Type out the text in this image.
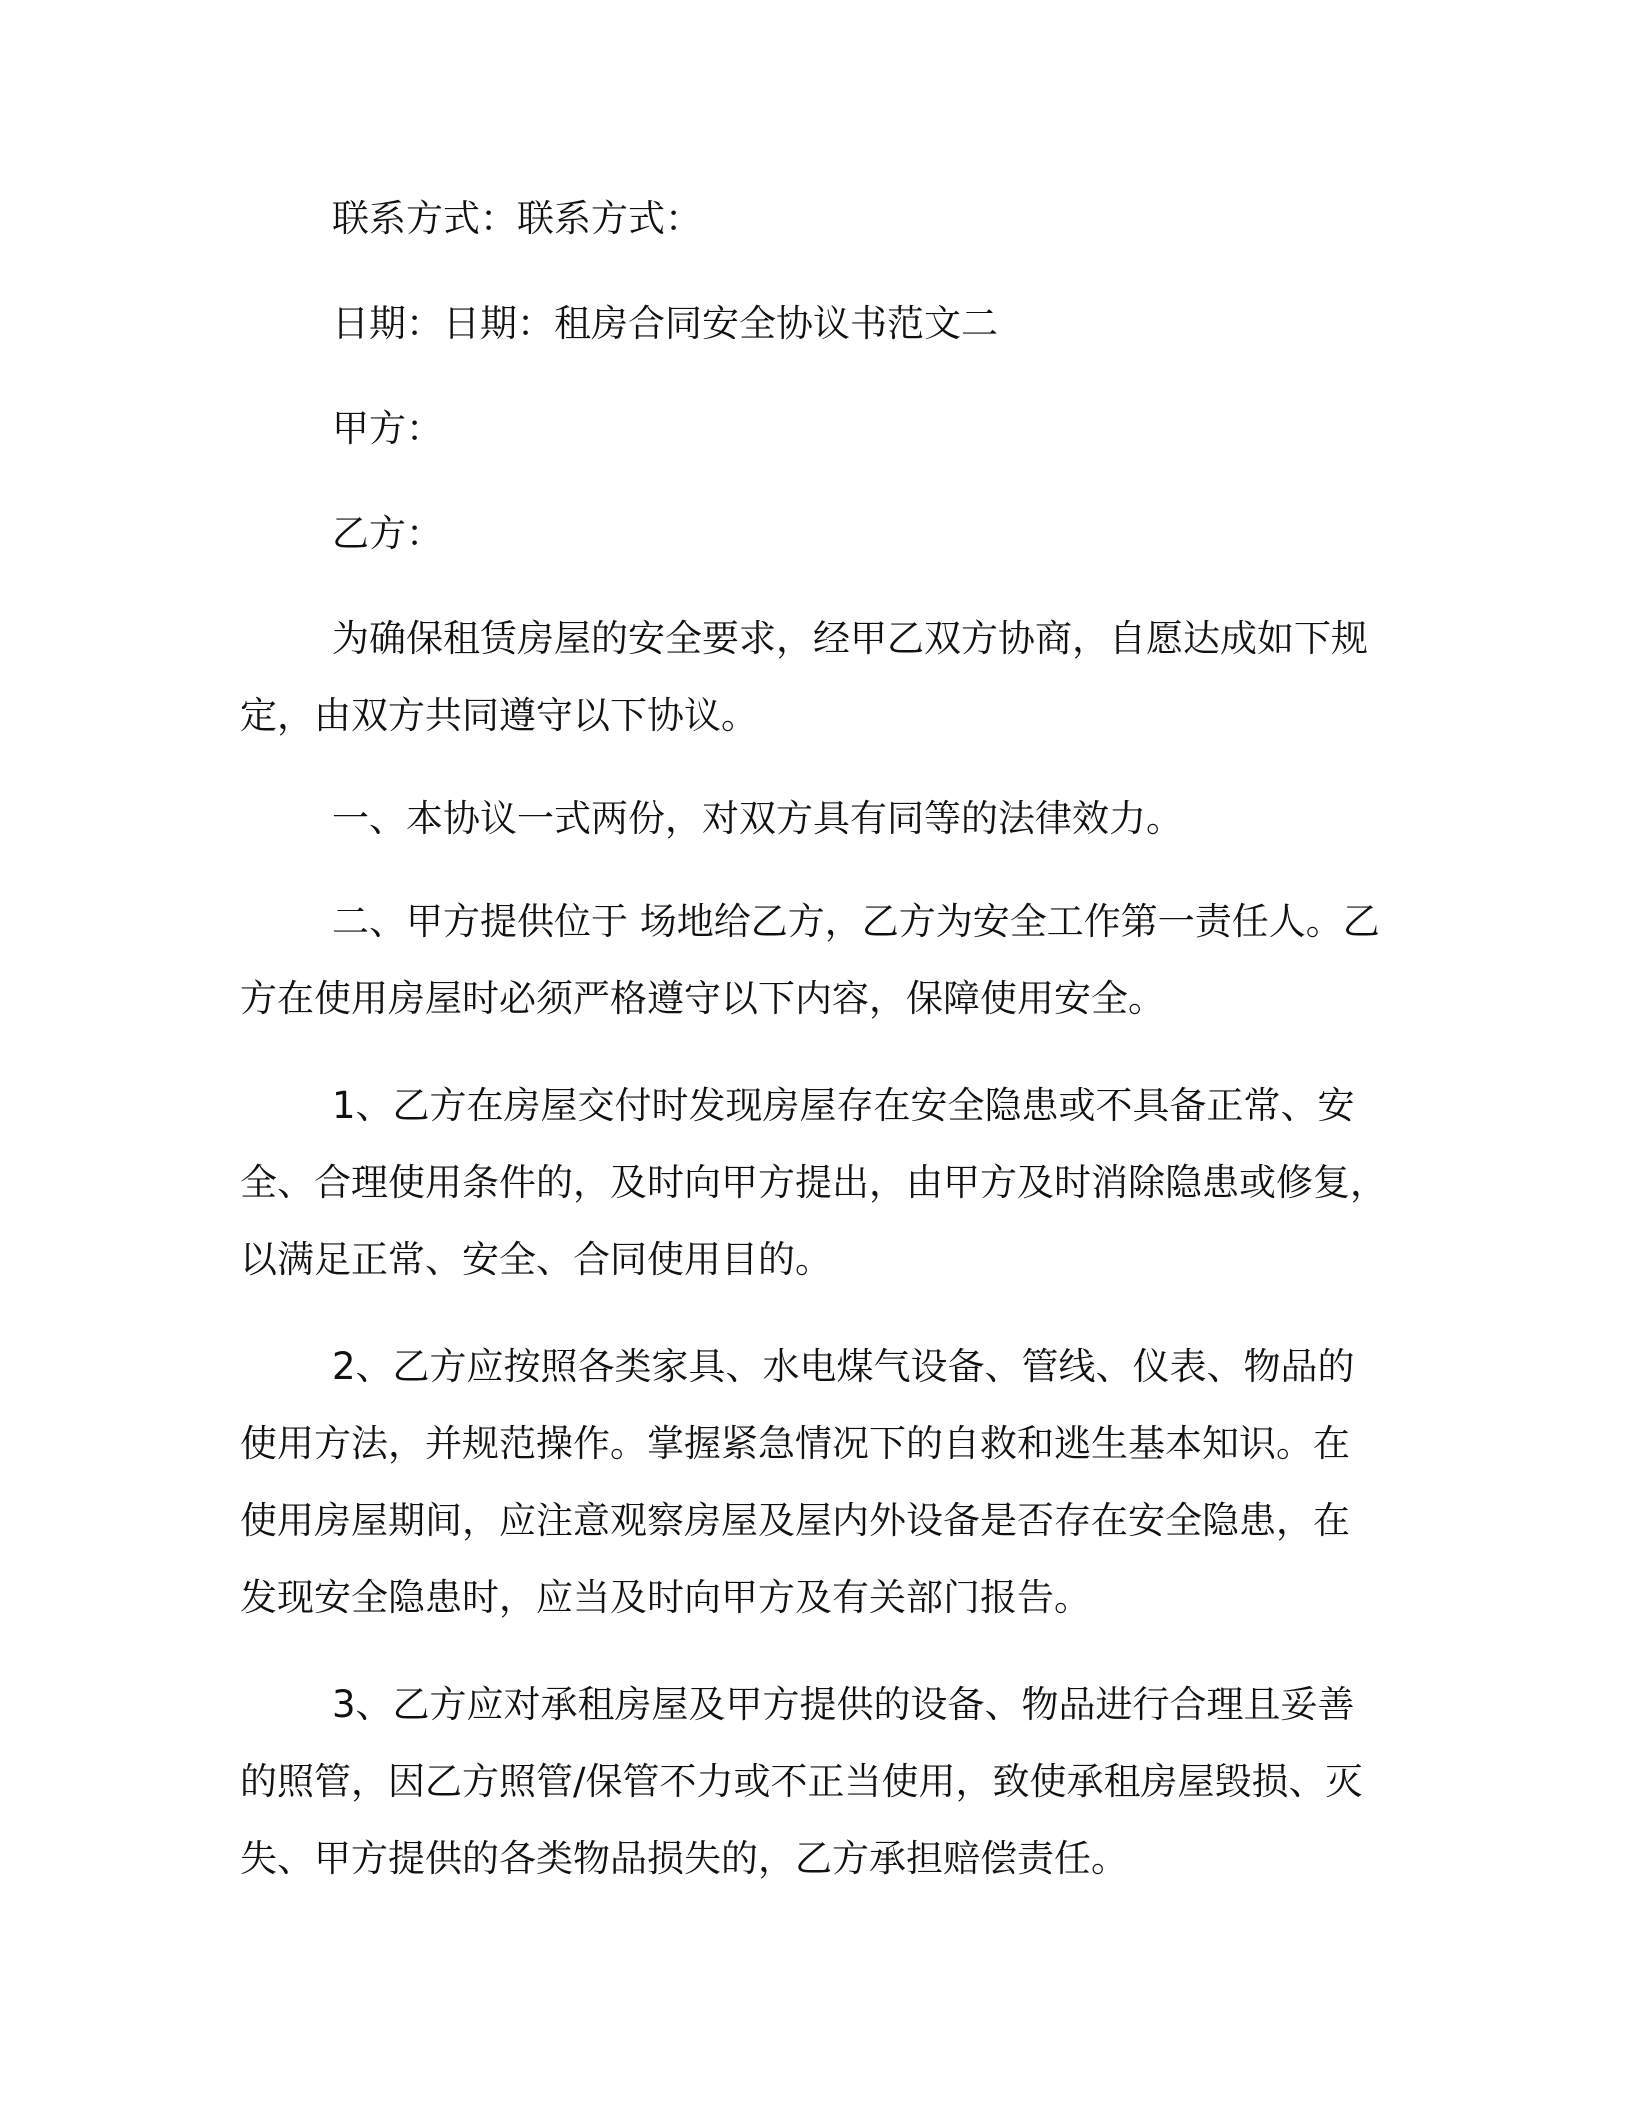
联系方式：联系方式：
日期：日期：租房合同安全协议书范文二
甲方：
乙方：
为确保租赁房屋的安全要求，经甲乙双方协商，自愿达成如下规
定，由双方共同遵守以下协议。
一、本协议一式两份，对双方具有同等的法律效力。
二、甲方提供位于 场地给乙方，乙方为安全工作第一责任人。乙
方在使用房屋时必须严格遵守以下内容，保障使用安全。
1、乙方在房屋交付时发现房屋存在安全隐患或不具备正常、安
全、合理使用条件的，及时向甲方提出，由甲方及时消除隐患或修复，
以满足正常、安全、合同使用目的。
2、乙方应按照各类家具、水电煤气设备、管线、仪表、物品的
使用方法，并规范操作。掌握紧急情况下的自救和逃生基本知识。在
使用房屋期间，应注意观察房屋及屋内外设备是否存在安全隐患，在
发现安全隐患时，应当及时向甲方及有关部门报告。
3、乙方应对承租房屋及甲方提供的设备、物品进行合理且妥善
的照管，因乙方照管/保管不力或不正当使用，致使承租房屋毁损、灭
失、甲方提供的各类物品损失的，乙方承担赔偿责任。
